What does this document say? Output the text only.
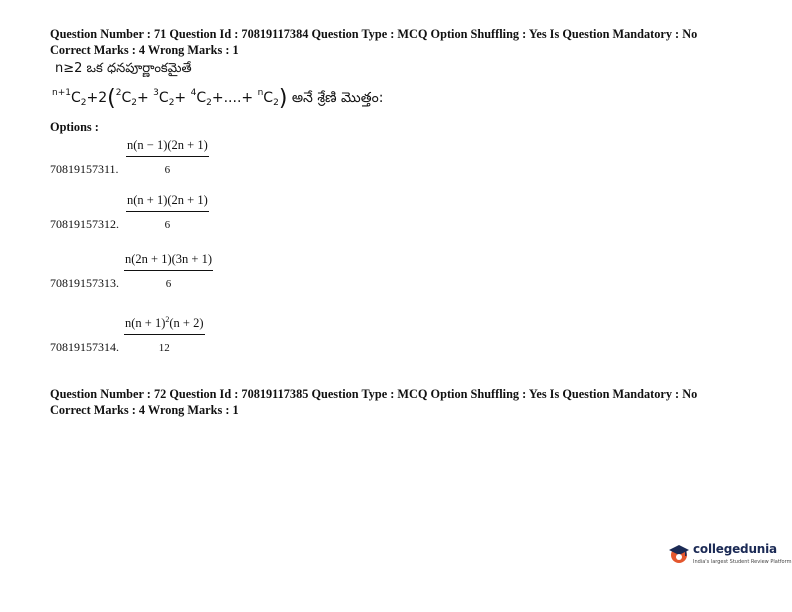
Question Number : 71 Question Id : 70819117384 Question Type : MCQ Option Shuffling : Yes Is Question Mandatory : No
Correct Marks : 4 Wrong Marks : 1
n≥2 ఒక ధనపూర్ణాంకమైతే
$^{n+1}C_2+2(^2C_2+ ^3C_2+ ^4C_2+....+ ^nC_2)$ అనే శ్రేణి మొత్తం:
Options :
$\frac{n(n - 1)(2n + 1)}{6}$
70819157311.
$\frac{n(n + 1)(2n + 1)}{6}$
70819157312.
$\frac{n(2n + 1)(3n + 1)}{6}$
70819157313.
$\frac{n(n + 1)^2(n + 2)}{12}$
70819157314.
Question Number : 72 Question Id : 70819117385 Question Type : MCQ Option Shuffling : Yes Is Question Mandatory : No
Correct Marks : 4 Wrong Marks : 1
collegedunia
India's largest Student Review Platform
